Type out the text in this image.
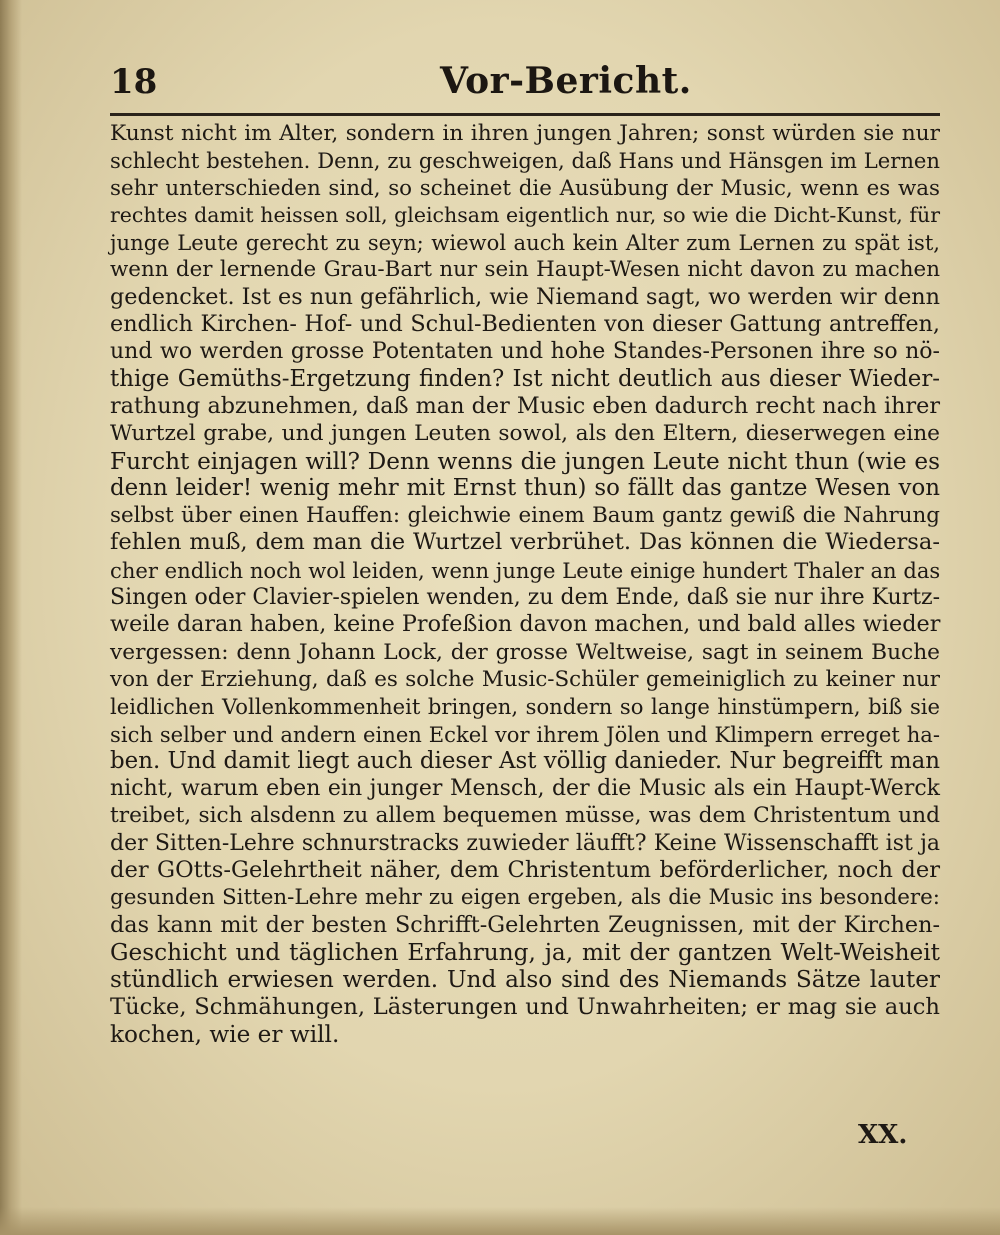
18	Vor-Bericht.
Kunst nicht im Alter, sondern in ihren jungen Jahren; sonst würden sie nur
schlecht bestehen. Denn, zu geschweigen, daß Hans und Hänsgen im Lernen
sehr unterschieden sind, so scheinet die Ausübung der Music, wenn es was
rechtes damit heissen soll, gleichsam eigentlich nur, so wie die Dicht-Kunst, für
junge Leute gerecht zu seyn; wiewol auch kein Alter zum Lernen zu spät ist,
wenn der lernende Grau-Bart nur sein Haupt-Wesen nicht davon zu machen
gedencket. Ist es nun gefährlich, wie Niemand sagt, wo werden wir denn
endlich Kirchen- Hof- und Schul-Bedienten von dieser Gattung antreffen,
und wo werden grosse Potentaten und hohe Standes-Personen ihre so nö-
thige Gemüths-Ergetzung finden? Ist nicht deutlich aus dieser Wieder-
rathung abzunehmen, daß man der Music eben dadurch recht nach ihrer
Wurtzel grabe, und jungen Leuten sowol, als den Eltern, dieserwegen eine
Furcht einjagen will? Denn wenns die jungen Leute nicht thun (wie es
denn leider! wenig mehr mit Ernst thun) so fällt das gantze Wesen von
selbst über einen Hauffen: gleichwie einem Baum gantz gewiß die Nahrung
fehlen muß, dem man die Wurtzel verbrühet. Das können die Wiedersa-
cher endlich noch wol leiden, wenn junge Leute einige hundert Thaler an das
Singen oder Clavier-spielen wenden, zu dem Ende, daß sie nur ihre Kurtz-
weile daran haben, keine Profeßion davon machen, und bald alles wieder
vergessen: denn Johann Lock, der grosse Weltweise, sagt in seinem Buche
von der Erziehung, daß es solche Music-Schüler gemeiniglich zu keiner nur
leidlichen Vollenkommenheit bringen, sondern so lange hinstümpern, biß sie
sich selber und andern einen Eckel vor ihrem Jölen und Klimpern erreget ha-
ben. Und damit liegt auch dieser Ast völlig danieder. Nur begreifft man
nicht, warum eben ein junger Mensch, der die Music als ein Haupt-Werck
treibet, sich alsdenn zu allem bequemen müsse, was dem Christentum und
der Sitten-Lehre schnurstracks zuwieder läufft? Keine Wissenschafft ist ja
der GOtts-Gelehrtheit näher, dem Christentum beförderlicher, noch der
gesunden Sitten-Lehre mehr zu eigen ergeben, als die Music ins besondere:
das kann mit der besten Schrifft-Gelehrten Zeugnissen, mit der Kirchen-
Geschicht und täglichen Erfahrung, ja, mit der gantzen Welt-Weisheit
stündlich erwiesen werden. Und also sind des Niemands Sätze lauter
Tücke, Schmähungen, Lästerungen und Unwahrheiten; er mag sie auch
kochen, wie er will.
XX.
